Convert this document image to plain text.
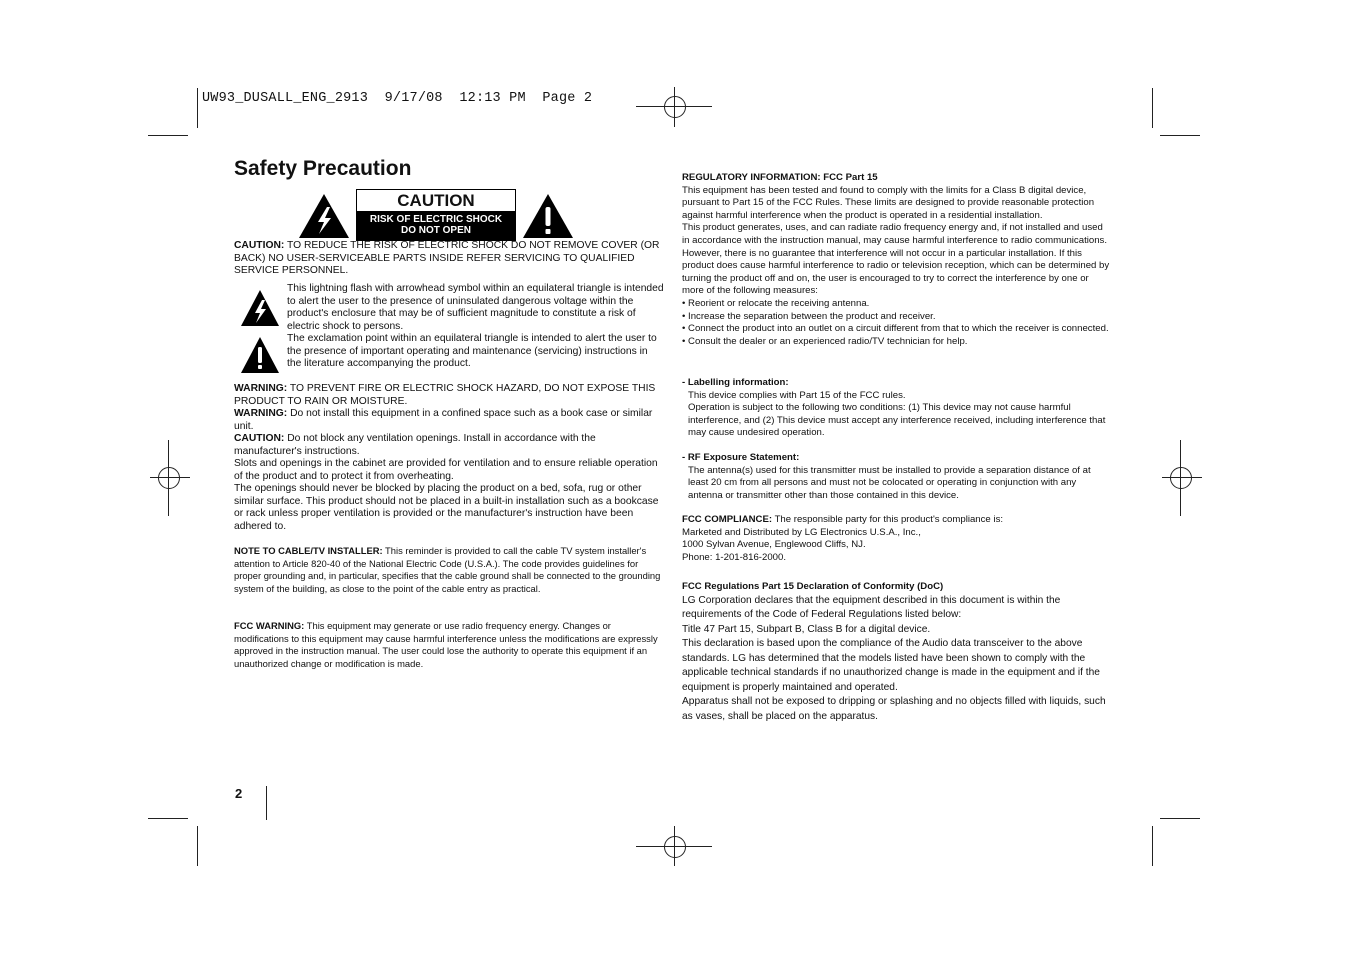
UW93_DUSALL_ENG_2913  9/17/08  12:13 PM  Page 2
Safety Precaution
CAUTION
RISK OF ELECTRIC SHOCK
DO NOT OPEN

CAUTION: TO REDUCE THE RISK OF ELECTRIC SHOCK DO NOT REMOVE COVER (OR BACK) NO USER-SERVICEABLE PARTS INSIDE REFER SERVICING TO QUALIFIED SERVICE PERSONNEL.

This lightning flash with arrowhead symbol within an equilateral triangle is intended to alert the user to the presence of uninsulated dangerous voltage within the product's enclosure that may be of sufficient magnitude to constitute a risk of electric shock to persons.

The exclamation point within an equilateral triangle is intended to alert the user to the presence of important operating and maintenance (servicing) instructions in the literature accompanying the product.

WARNING: TO PREVENT FIRE OR ELECTRIC SHOCK HAZARD, DO NOT EXPOSE THIS PRODUCT TO RAIN OR MOISTURE.

WARNING: Do not install this equipment in a confined space such as a book case or similar unit.

CAUTION: Do not block any ventilation openings. Install in accordance with the manufacturer's instructions.

Slots and openings in the cabinet are provided for ventilation and to ensure reliable operation of the product and to protect it from overheating.

The openings should never be blocked by placing the product on a bed, sofa, rug or other similar surface. This product should not be placed in a built-in installation such as a bookcase or rack unless proper ventilation is provided or the manufacturer's instruction have been adhered to.

NOTE TO CABLE/TV INSTALLER: This reminder is provided to call the cable TV system installer's attention to Article 820-40 of the National Electric Code (U.S.A.). The code provides guidelines for proper grounding and, in particular, specifies that the cable ground shall be connected to the grounding system of the building, as close to the point of the cable entry as practical.

FCC WARNING: This equipment may generate or use radio frequency energy. Changes or modifications to this equipment may cause harmful interference unless the modifications are expressly approved in the instruction manual. The user could lose the authority to operate this equipment if an unauthorized change or modification is made.

2

REGULATORY INFORMATION: FCC Part 15

This equipment has been tested and found to comply with the limits for a Class B digital device, pursuant to Part 15 of the FCC Rules. These limits are designed to provide reasonable protection against harmful interference when the product is operated in a residential installation.

This product generates, uses, and can radiate radio frequency energy and, if not installed and used in accordance with the instruction manual, may cause harmful interference to radio communications. However, there is no guarantee that interference will not occur in a particular installation. If this product does cause harmful interference to radio or television reception, which can be determined by turning the product off and on, the user is encouraged to try to correct the interference by one or more of the following measures:

• Reorient or relocate the receiving antenna.

• Increase the separation between the product and receiver.

• Connect the product into an outlet on a circuit different from that to which the receiver is connected.

• Consult the dealer or an experienced radio/TV technician for help.

- Labelling information:

This device complies with Part 15 of the FCC rules.

Operation is subject to the following two conditions: (1) This device may not cause harmful interference, and (2) This device must accept any interference received, including interference that may cause undesired operation.

- RF Exposure Statement:

The antenna(s) used for this transmitter must be installed to provide a separation distance of at least 20 cm from all persons and must not be colocated or operating in conjunction with any antenna or transmitter other than those contained in this device.

FCC COMPLIANCE: The responsible party for this product's compliance is:

Marketed and Distributed by LG Electronics U.S.A., Inc.,

1000 Sylvan Avenue, Englewood Cliffs, NJ.

Phone: 1-201-816-2000.

FCC Regulations Part 15 Declaration of Conformity (DoC)

LG Corporation declares that the equipment described in this document is within the requirements of the Code of Federal Regulations listed below:

Title 47 Part 15, Subpart B, Class B for a digital device.

This declaration is based upon the compliance of the Audio data transceiver to the above standards. LG has determined that the models listed have been shown to comply with the applicable technical standards if no unauthorized change is made in the equipment and if the equipment is properly maintained and operated.

Apparatus shall not be exposed to dripping or splashing and no objects filled with liquids, such as vases, shall be placed on the apparatus.
